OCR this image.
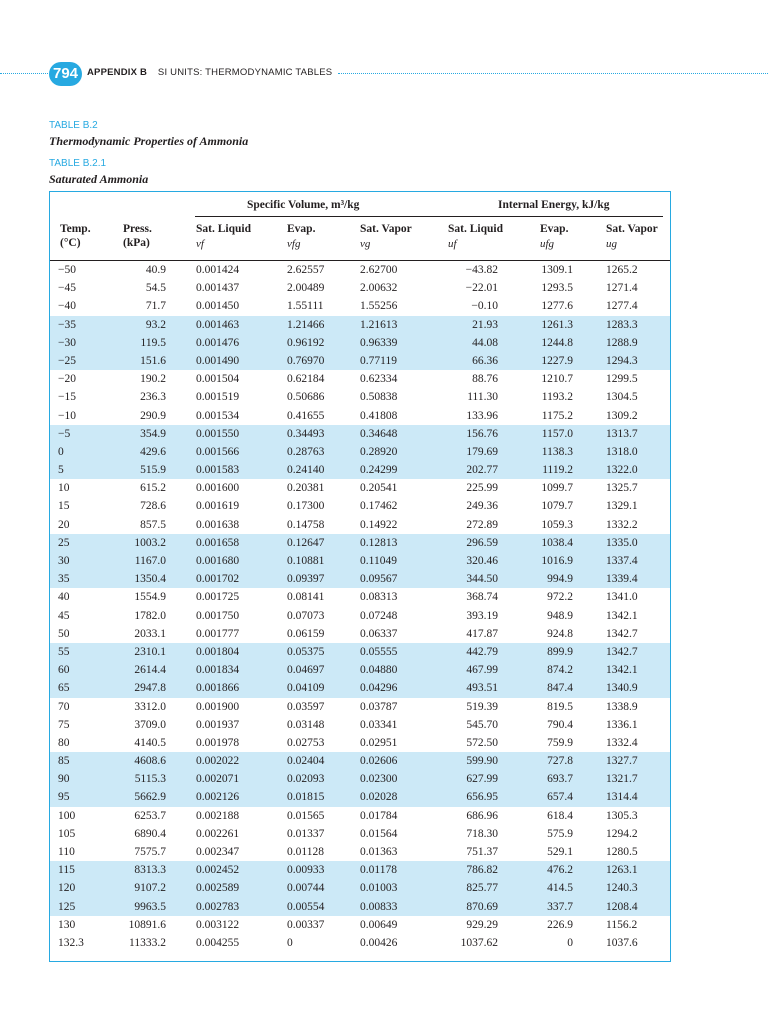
794 APPENDIX B SI UNITS: THERMODYNAMIC TABLES
TABLE B.2
Thermodynamic Properties of Ammonia
TABLE B.2.1
Saturated Ammonia
Specific Volume, m³/kg	Internal Energy, kJ/kg
Temp.
(°C)
Press.
(kPa)
Sat. Liquid	Evap.	Sat. Vapor	Sat. Liquid	Evap.	Sat. Vapor
vf	vfg	vg	uf	ufg	ug
−50	40.9	0.001424	2.62557	2.62700	−43.82	1309.1	1265.2
−45	54.5	0.001437	2.00489	2.00632	−22.01	1293.5	1271.4
−40	71.7	0.001450	1.55111	1.55256	−0.10	1277.6	1277.4
−35	93.2	0.001463	1.21466	1.21613	21.93	1261.3	1283.3
−30	119.5	0.001476	0.96192	0.96339	44.08	1244.8	1288.9
−25	151.6	0.001490	0.76970	0.77119	66.36	1227.9	1294.3
−20	190.2	0.001504	0.62184	0.62334	88.76	1210.7	1299.5
−15	236.3	0.001519	0.50686	0.50838	111.30	1193.2	1304.5
−10	290.9	0.001534	0.41655	0.41808	133.96	1175.2	1309.2
−5	354.9	0.001550	0.34493	0.34648	156.76	1157.0	1313.7
0	429.6	0.001566	0.28763	0.28920	179.69	1138.3	1318.0
5	515.9	0.001583	0.24140	0.24299	202.77	1119.2	1322.0
10	615.2	0.001600	0.20381	0.20541	225.99	1099.7	1325.7
15	728.6	0.001619	0.17300	0.17462	249.36	1079.7	1329.1
20	857.5	0.001638	0.14758	0.14922	272.89	1059.3	1332.2
25	1003.2	0.001658	0.12647	0.12813	296.59	1038.4	1335.0
30	1167.0	0.001680	0.10881	0.11049	320.46	1016.9	1337.4
35	1350.4	0.001702	0.09397	0.09567	344.50	994.9	1339.4
40	1554.9	0.001725	0.08141	0.08313	368.74	972.2	1341.0
45	1782.0	0.001750	0.07073	0.07248	393.19	948.9	1342.1
50	2033.1	0.001777	0.06159	0.06337	417.87	924.8	1342.7
55	2310.1	0.001804	0.05375	0.05555	442.79	899.9	1342.7
60	2614.4	0.001834	0.04697	0.04880	467.99	874.2	1342.1
65	2947.8	0.001866	0.04109	0.04296	493.51	847.4	1340.9
70	3312.0	0.001900	0.03597	0.03787	519.39	819.5	1338.9
75	3709.0	0.001937	0.03148	0.03341	545.70	790.4	1336.1
80	4140.5	0.001978	0.02753	0.02951	572.50	759.9	1332.4
85	4608.6	0.002022	0.02404	0.02606	599.90	727.8	1327.7
90	5115.3	0.002071	0.02093	0.02300	627.99	693.7	1321.7
95	5662.9	0.002126	0.01815	0.02028	656.95	657.4	1314.4
100	6253.7	0.002188	0.01565	0.01784	686.96	618.4	1305.3
105	6890.4	0.002261	0.01337	0.01564	718.30	575.9	1294.2
110	7575.7	0.002347	0.01128	0.01363	751.37	529.1	1280.5
115	8313.3	0.002452	0.00933	0.01178	786.82	476.2	1263.1
120	9107.2	0.002589	0.00744	0.01003	825.77	414.5	1240.3
125	9963.5	0.002783	0.00554	0.00833	870.69	337.7	1208.4
130	10891.6	0.003122	0.00337	0.00649	929.29	226.9	1156.2
132.3	11333.2	0.004255	0	0.00426	1037.62	0	1037.6
